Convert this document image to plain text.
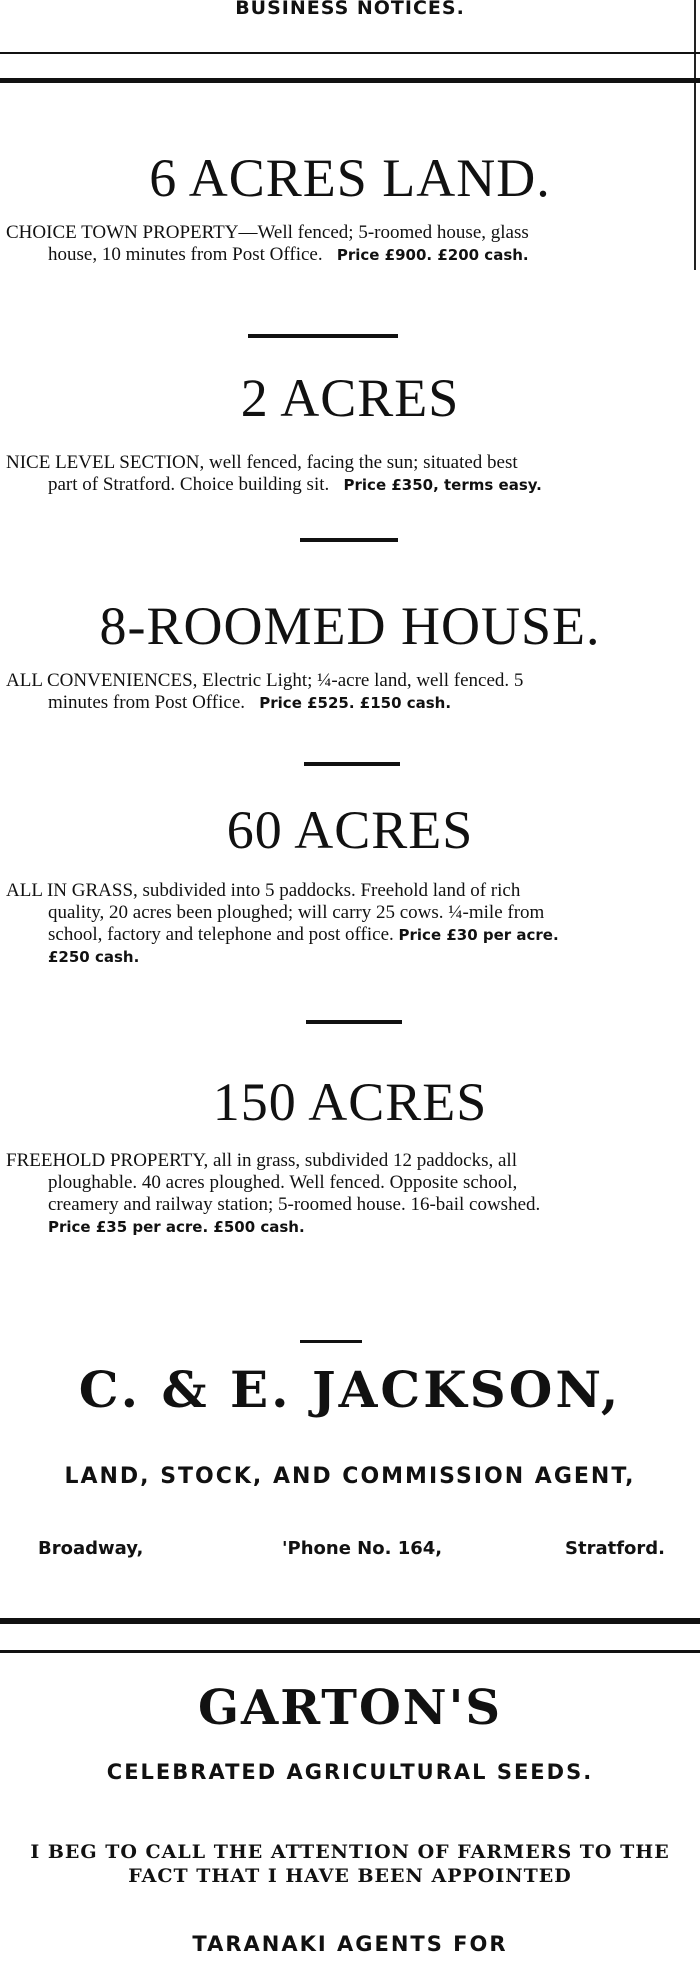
BUSINESS NOTICES.
6 ACRES LAND.
CHOICE TOWN PROPERTY—Well fenced; 5-roomed house, glass
house, 10 minutes from Post Office. Price £900. £200 cash.
2 ACRES
NICE LEVEL SECTION, well fenced, facing the sun; situated best
part of Stratford. Choice building sit. Price £350, terms easy.
8-ROOMED HOUSE.
ALL CONVENIENCES, Electric Light; ¼-acre land, well fenced. 5
minutes from Post Office. Price £525. £150 cash.
60 ACRES
ALL IN GRASS, subdivided into 5 paddocks. Freehold land of rich
quality, 20 acres been ploughed; will carry 25 cows. ¼-mile from
school, factory and telephone and post office. Price £30 per acre.
£250 cash.
150 ACRES
FREEHOLD PROPERTY, all in grass, subdivided 12 paddocks, all
ploughable. 40 acres ploughed. Well fenced. Opposite school,
creamery and railway station; 5-roomed house. 16-bail cowshed.
Price £35 per acre. £500 cash.
C. & E. JACKSON,
LAND, STOCK, AND COMMISSION AGENT,
Broadway,	'Phone No. 164,	Stratford.
GARTON'S
CELEBRATED AGRICULTURAL SEEDS.
I BEG TO CALL THE ATTENTION OF FARMERS TO THE
FACT THAT I HAVE BEEN APPOINTED
TARANAKI AGENTS FOR
